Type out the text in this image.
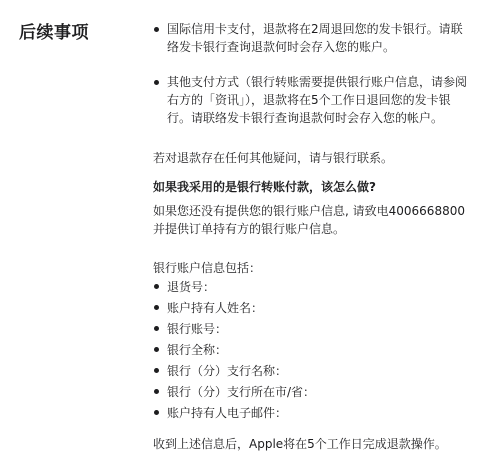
后续事项	国际信用卡支付，退款将在2周退回您的发卡银行。请联络发卡银行查询退款何时会存入您的账户。
其他支付方式（银行转账需要提供银行账户信息，请参阅右方的「资讯」），退款将在5个工作日退回您的发卡银行。请联络发卡银行查询退款何时会存入您的帐户。

若对退款存在任何其他疑问，请与银行联系。

如果我采用的是银行转账付款，该怎么做?

如果您还没有提供您的银行账户信息, 请致电4006668800并提供订单持有方的银行账户信息。

银行账户信息包括：

退货号：
账户持有人姓名：
银行账号：
银行全称：
银行（分）支行名称：
银行（分）支行所在市/省：
账户持有人电子邮件：

收到上述信息后，Apple将在5个工作日完成退款操作。
